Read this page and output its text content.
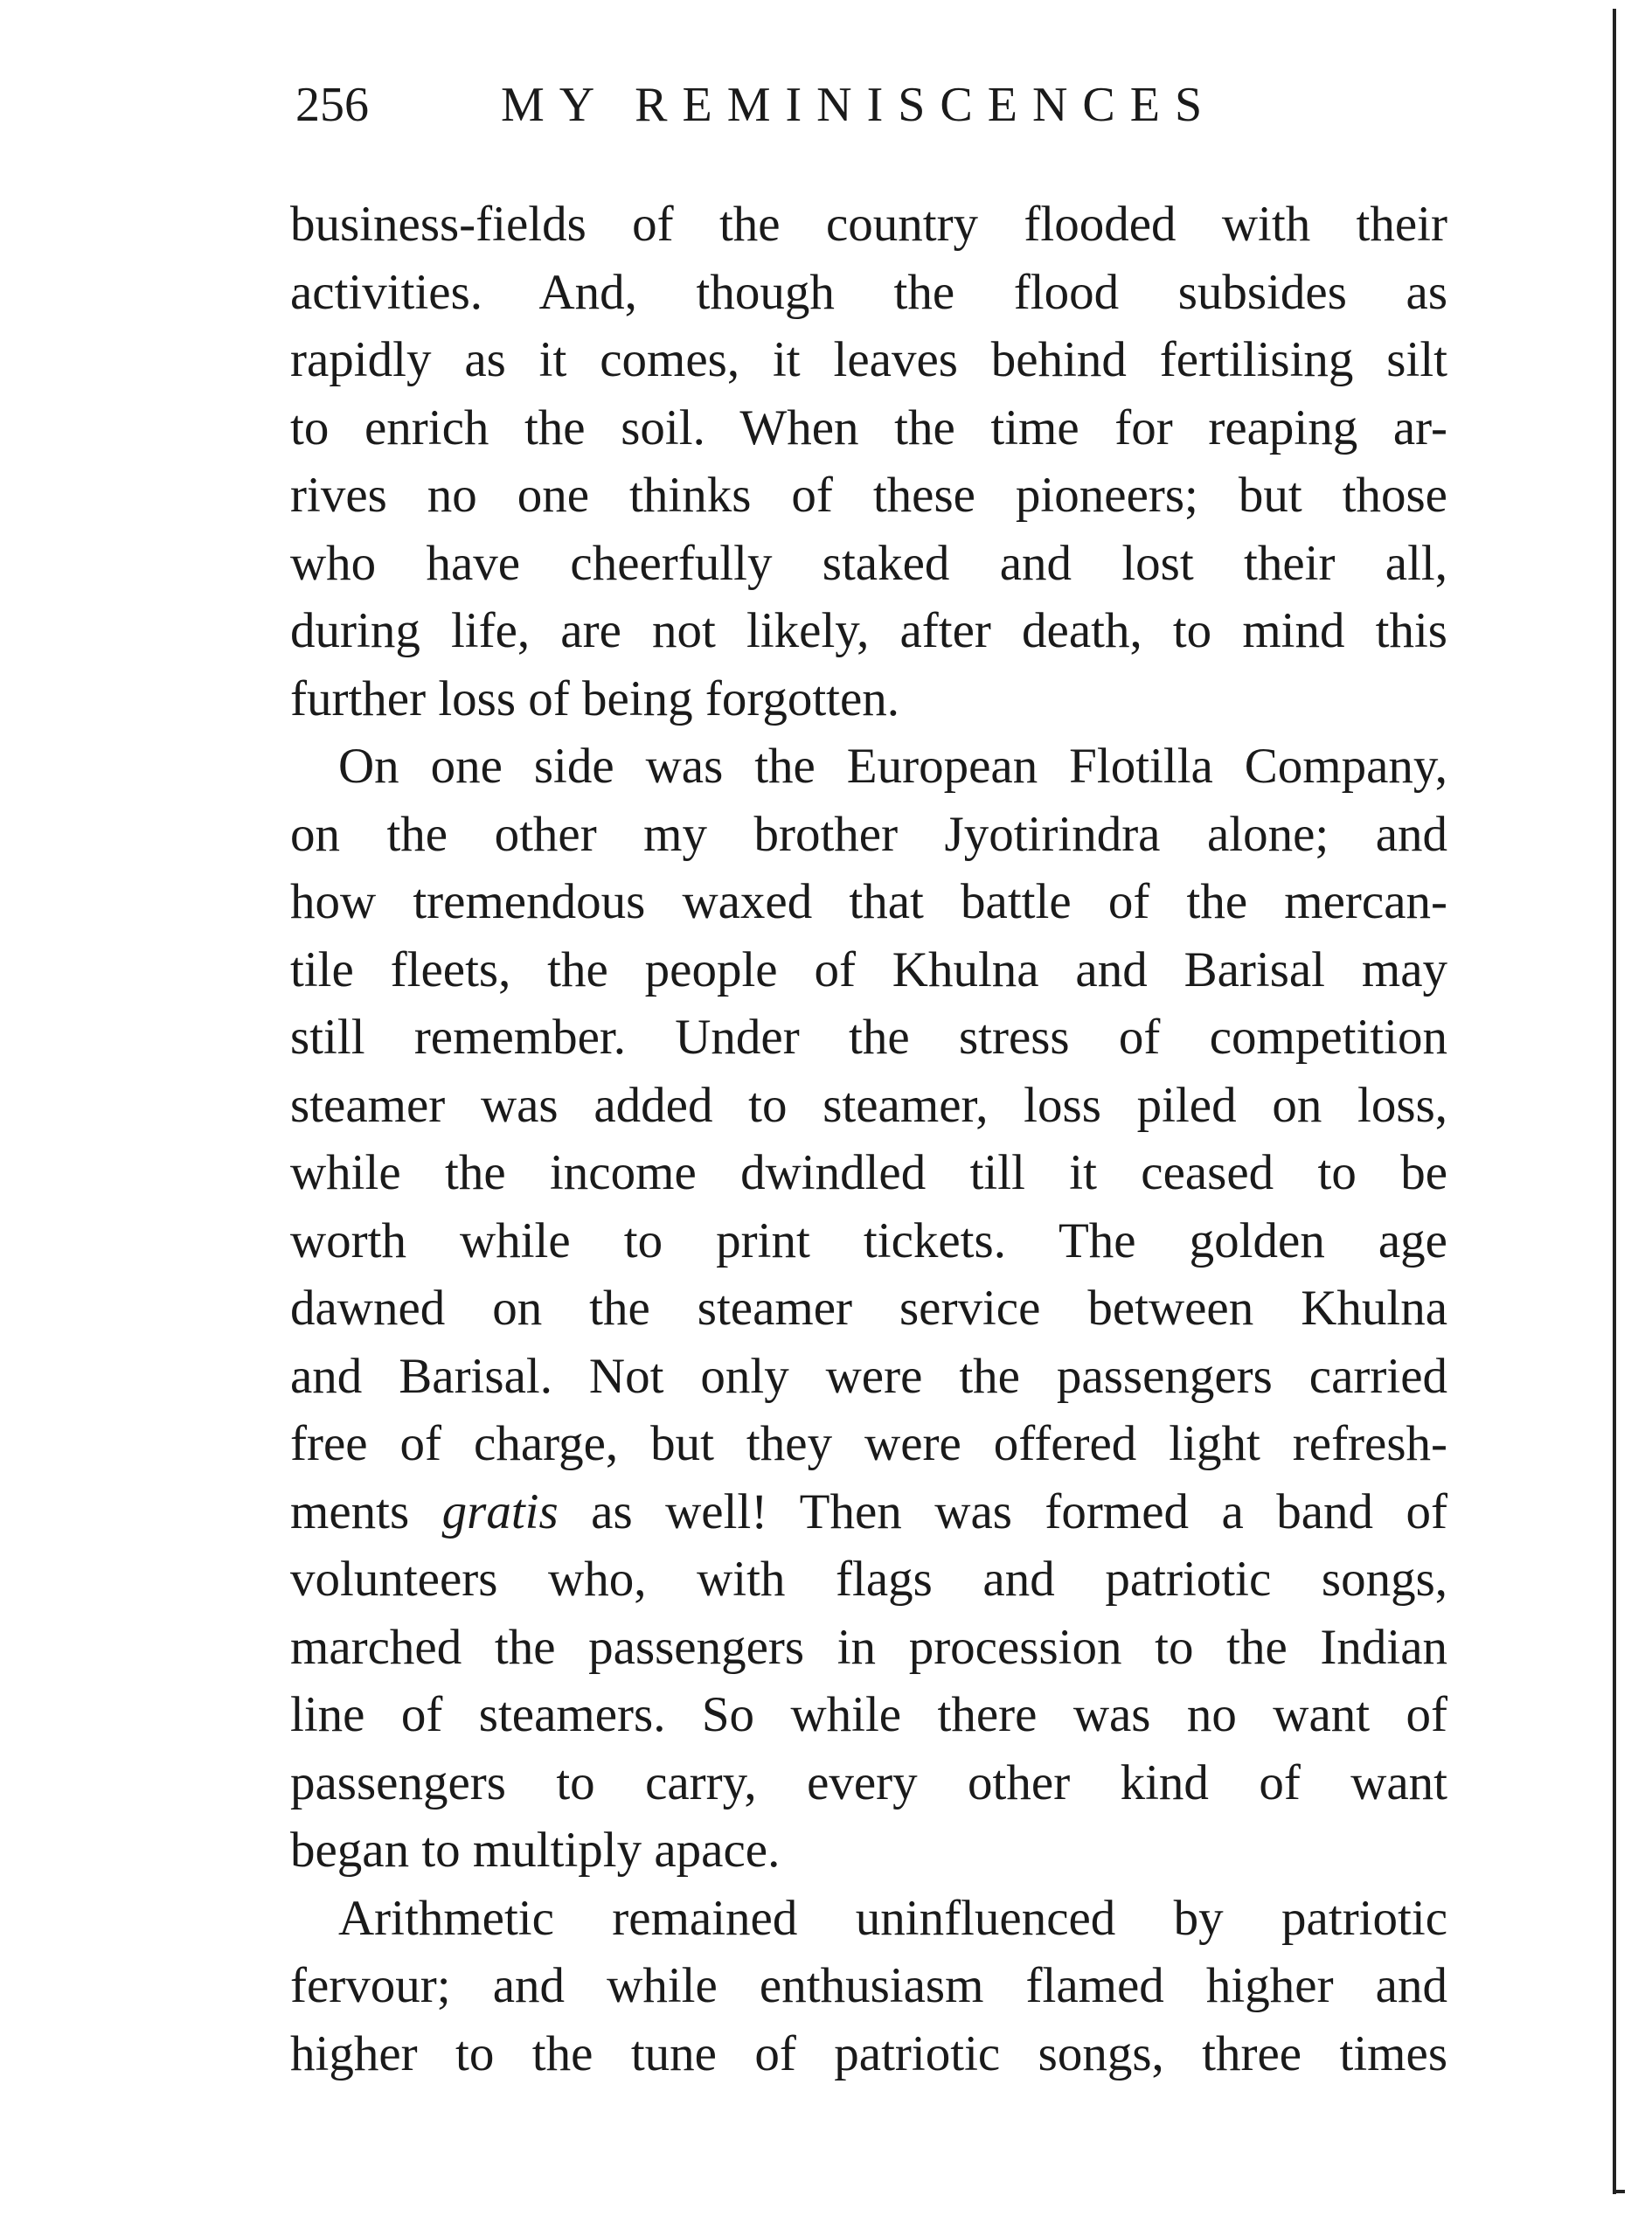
256	MY REMINISCENCES
business-fields of the country flooded with their
activities. And, though the flood subsides as
rapidly as it comes, it leaves behind fertilising silt
to enrich the soil. When the time for reaping ar-
rives no one thinks of these pioneers; but those
who have cheerfully staked and lost their all,
during life, are not likely, after death, to mind this
further loss of being forgotten.
On one side was the European Flotilla Company,
on the other my brother Jyotirindra alone; and
how tremendous waxed that battle of the mercan-
tile fleets, the people of Khulna and Barisal may
still remember. Under the stress of competition
steamer was added to steamer, loss piled on loss,
while the income dwindled till it ceased to be
worth while to print tickets. The golden age
dawned on the steamer service between Khulna
and Barisal. Not only were the passengers carried
free of charge, but they were offered light refresh-
ments gratis as well! Then was formed a band of
volunteers who, with flags and patriotic songs,
marched the passengers in procession to the Indian
line of steamers. So while there was no want of
passengers to carry, every other kind of want
began to multiply apace.
Arithmetic remained uninfluenced by patriotic
fervour; and while enthusiasm flamed higher and
higher to the tune of patriotic songs, three times
